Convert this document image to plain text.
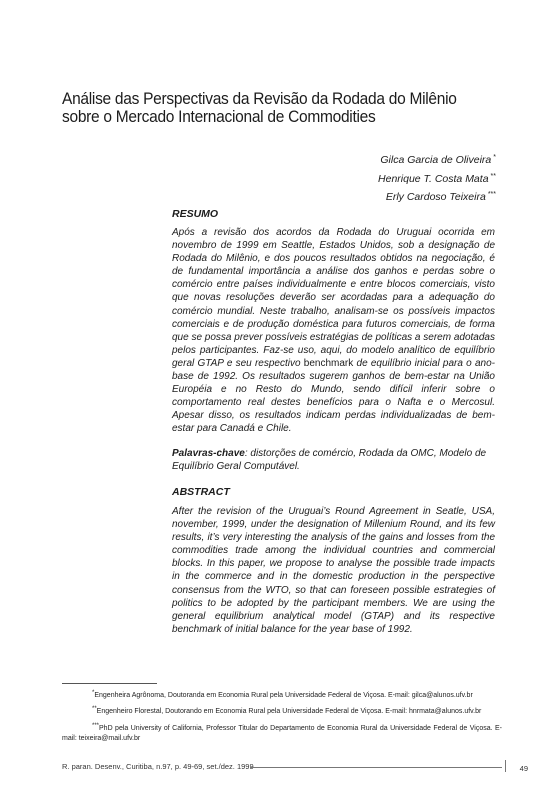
Análise das Perspectivas da Revisão da Rodada do Milênio
sobre o Mercado Internacional de Commodities
Gilca Garcia de Oliveira *
Henrique T. Costa Mata **
Erly Cardoso Teixeira ***
RESUMO
Após a revisão dos acordos da Rodada do Uruguai ocorrida em novembro de 1999 em Seattle, Estados Unidos, sob a designação de Rodada do Milênio, e dos poucos resultados obtidos na negociação, é de fundamental importância a análise dos ganhos e perdas sobre o comércio entre países individualmente e entre blocos comerciais, visto que novas resoluções deverão ser acordadas para a adequação do comércio mundial. Neste trabalho, analisam-se os possíveis impactos comerciais e de produção doméstica para futuros comerciais, de forma que se possa prever possíveis estratégias de políticas a serem adotadas pelos participantes. Faz-se uso, aqui, do modelo analítico de equilíbrio geral GTAP e seu respectivo benchmark de equilíbrio inicial para o ano-base de 1992. Os resultados sugerem ganhos de bem-estar na União Européia e no Resto do Mundo, sendo difícil inferir sobre o comportamento real destes benefícios para o Nafta e o Mercosul. Apesar disso, os resultados indicam perdas individualizadas de bem-estar para Canadá e Chile.
Palavras-chave: distorções de comércio, Rodada da OMC, Modelo de Equilíbrio Geral Computável.
ABSTRACT
After the revision of the Uruguai’s Round Agreement in Seatle, USA, november, 1999, under the designation of Millenium Round, and its few results, it’s very interesting the analysis of the gains and losses from the commodities trade among the individual countries and commercial blocks. In this paper, we propose to analyse the possible trade impacts in the commerce and in the domestic production in the perspective consensus from the WTO, so that can foreseen possible estrategies of politics to be adopted by the participant members. We are using the general equilibrium analytical model (GTAP) and its respective benchmark of initial balance for the year base of 1992.

*Engenheira Agrônoma, Doutoranda em Economia Rural pela Universidade Federal de Viçosa. E-mail: gilca@alunos.ufv.br

**Engenheiro Florestal, Doutorando em Economia Rural pela Universidade Federal de Viçosa. E-mail: hnrmata@alunos.ufv.br

***PhD pela University of California, Professor Titular do Departamento de Economia Rural da Universidade Federal de Viçosa. E-mail: teixeira@mail.ufv.br

R. paran. Desenv., Curitiba, n.97, p. 49-69, set./dez. 1999	49
